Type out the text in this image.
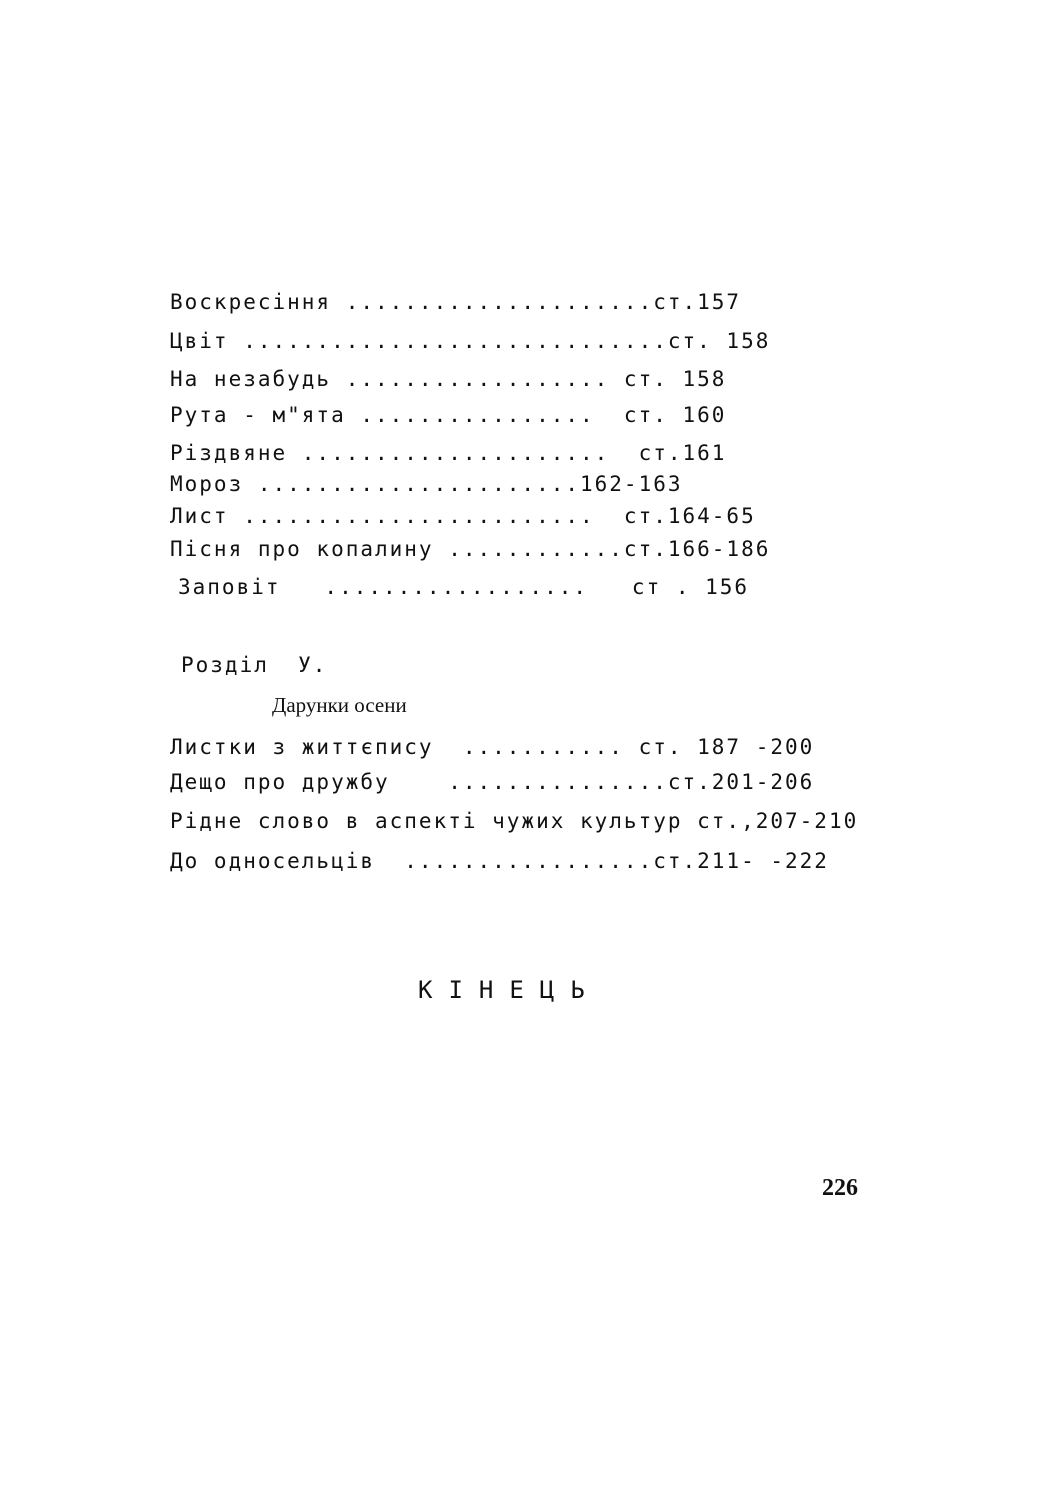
Воскресіння .....................ст.157
Цвіт .............................ст. 158
На незабудь .................. ст. 158
Рута - м"ята ................  ст. 160
Різдвяне .....................  ст.161
Мороз ......................162-163
Лист ........................  ст.164-65
Пісня про копалину ............ст.166-186
Заповіт   ..................   ст . 156
Розділ  У.
Дарунки осени
Листки з життєпису  ........... ст. 187 -200
Дещо про дружбу    ...............ст.201-206
Рідне слово в аспекті чужих культур ст.,207-210
До односельців  .................ст.211- -222
КІНЕЦЬ
226
